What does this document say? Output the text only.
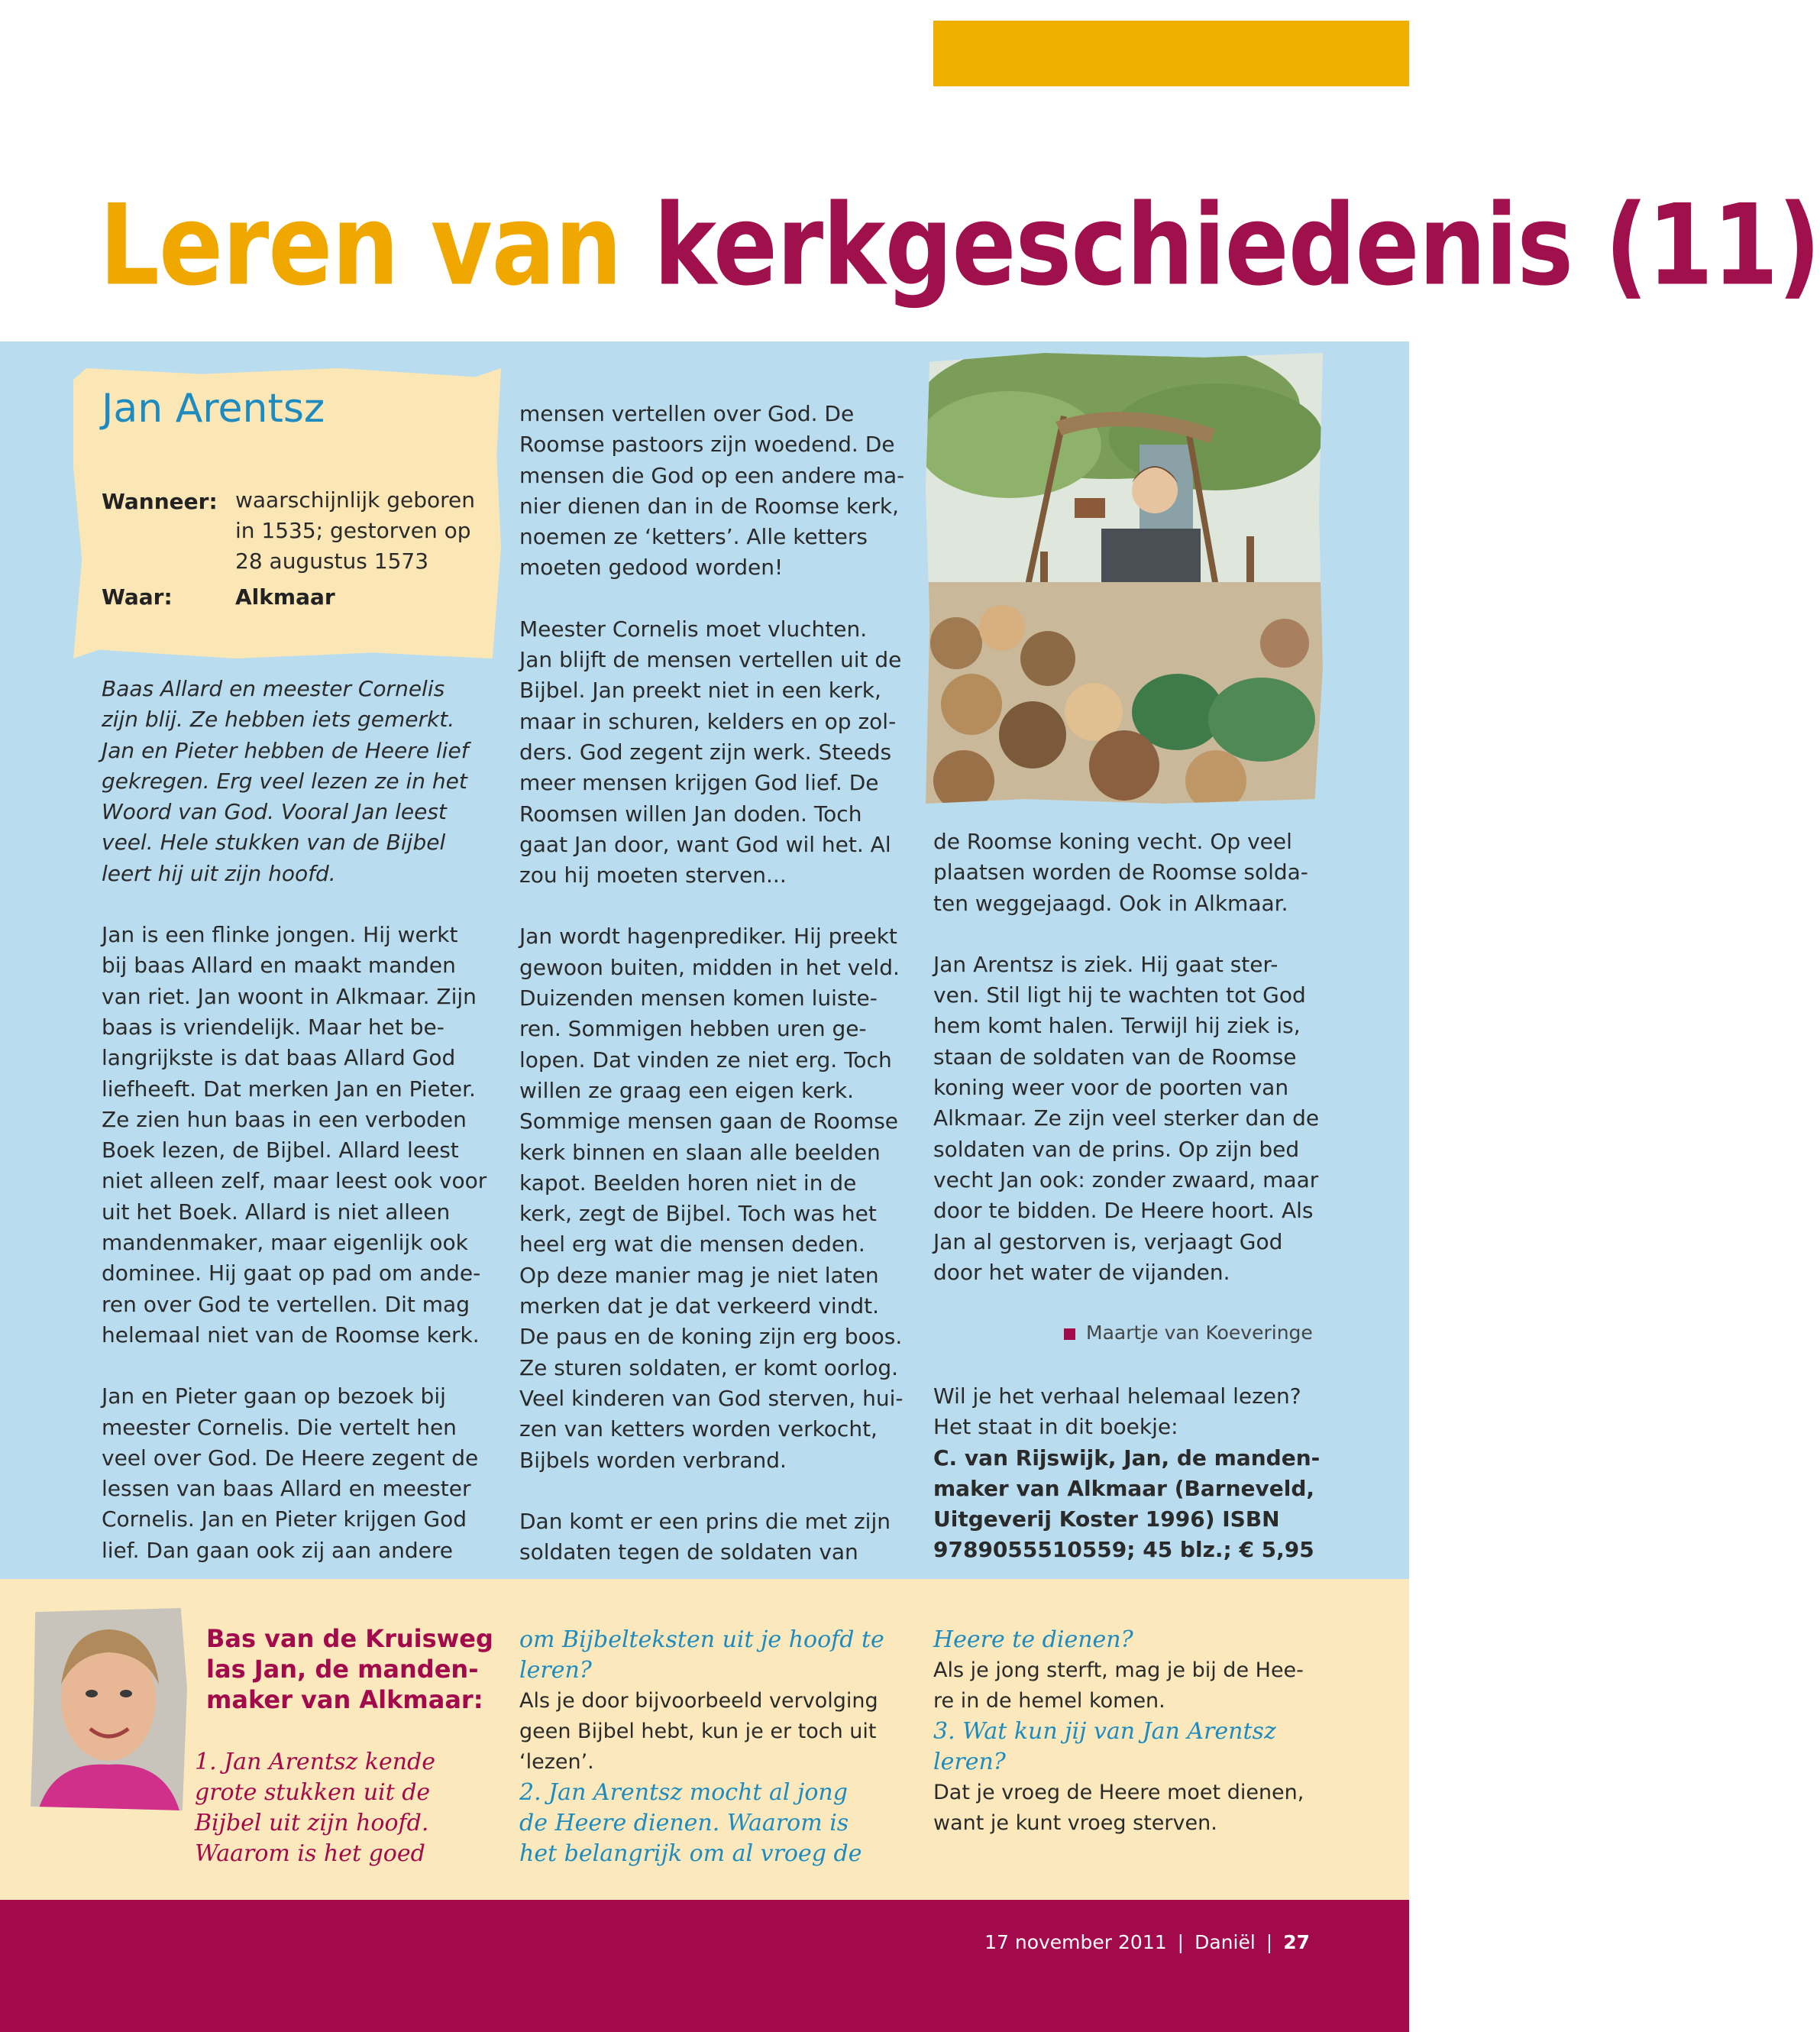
Leren van kerkgeschiedenis (11)
Jan Arentsz
Wanneer: waarschijnlijk geboren
in 1535; gestorven op
28 augustus 1573
Waar:	Alkmaar

Baas Allard en meester Cornelis
zijn blij. Ze hebben iets gemerkt.
Jan en Pieter hebben de Heere lief
gekregen. Erg veel lezen ze in het
Woord van God. Vooral Jan leest
veel. Hele stukken van de Bijbel
leert hij uit zijn hoofd.

Jan is een flinke jongen. Hij werkt
bij baas Allard en maakt manden
van riet. Jan woont in Alkmaar. Zijn
baas is vriendelijk. Maar het be-
langrijkste is dat baas Allard God
liefheeft. Dat merken Jan en Pieter.
Ze zien hun baas in een verboden
Boek lezen, de Bijbel. Allard leest
niet alleen zelf, maar leest ook voor
uit het Boek. Allard is niet alleen
mandenmaker, maar eigenlijk ook
dominee. Hij gaat op pad om ande-
ren over God te vertellen. Dit mag
helemaal niet van de Roomse kerk.

Jan en Pieter gaan op bezoek bij
meester Cornelis. Die vertelt hen
veel over God. De Heere zegent de
lessen van baas Allard en meester
Cornelis. Jan en Pieter krijgen God
lief. Dan gaan ook zij aan andere

mensen vertellen over God. De
Roomse pastoors zijn woedend. De
mensen die God op een andere ma-
nier dienen dan in de Roomse kerk,
noemen ze ‘ketters’. Alle ketters
moeten gedood worden!

Meester Cornelis moet vluchten.
Jan blijft de mensen vertellen uit de
Bijbel. Jan preekt niet in een kerk,
maar in schuren, kelders en op zol-
ders. God zegent zijn werk. Steeds
meer mensen krijgen God lief. De
Roomsen willen Jan doden. Toch
gaat Jan door, want God wil het. Al
zou hij moeten sterven...

Jan wordt hagenprediker. Hij preekt
gewoon buiten, midden in het veld.
Duizenden mensen komen luiste-
ren. Sommigen hebben uren ge-
lopen. Dat vinden ze niet erg. Toch
willen ze graag een eigen kerk.
Sommige mensen gaan de Roomse
kerk binnen en slaan alle beelden
kapot. Beelden horen niet in de
kerk, zegt de Bijbel. Toch was het
heel erg wat die mensen deden.
Op deze manier mag je niet laten
merken dat je dat verkeerd vindt.
De paus en de koning zijn erg boos.
Ze sturen soldaten, er komt oorlog.
Veel kinderen van God sterven, hui-
zen van ketters worden verkocht,
Bijbels worden verbrand.

Dan komt er een prins die met zijn
soldaten tegen de soldaten van

de Roomse koning vecht. Op veel
plaatsen worden de Roomse solda-
ten weggejaagd. Ook in Alkmaar.

Jan Arentsz is ziek. Hij gaat ster-
ven. Stil ligt hij te wachten tot God
hem komt halen. Terwijl hij ziek is,
staan de soldaten van de Roomse
koning weer voor de poorten van
Alkmaar. Ze zijn veel sterker dan de
soldaten van de prins. Op zijn bed
vecht Jan ook: zonder zwaard, maar
door te bidden. De Heere hoort. Als
Jan al gestorven is, verjaagt God
door het water de vijanden.

Maartje van Koeveringe
Wil je het verhaal helemaal lezen?
Het staat in dit boekje:
C. van Rijswijk, Jan, de manden-
maker van Alkmaar (Barneveld,
Uitgeverij Koster 1996) ISBN
9789055510559; 45 blz.; € 5,95
Bas van de Kruisweg
las Jan, de manden-
maker van Alkmaar:
1. Jan Arentsz kende
grote stukken uit de
Bijbel uit zijn hoofd.
Waarom is het goed
om Bijbelteksten uit je hoofd te
leren?
Als je door bijvoorbeeld vervolging
geen Bijbel hebt, kun je er toch uit
‘lezen’.
2. Jan Arentsz mocht al jong
de Heere dienen. Waarom is
het belangrijk om al vroeg de
Heere te dienen?
Als je jong sterft, mag je bij de Hee-
re in de hemel komen.
3. Wat kun jij van Jan Arentsz
leren?
Dat je vroeg de Heere moet dienen,
want je kunt vroeg sterven.
17 november 2011 | Daniël | 27
